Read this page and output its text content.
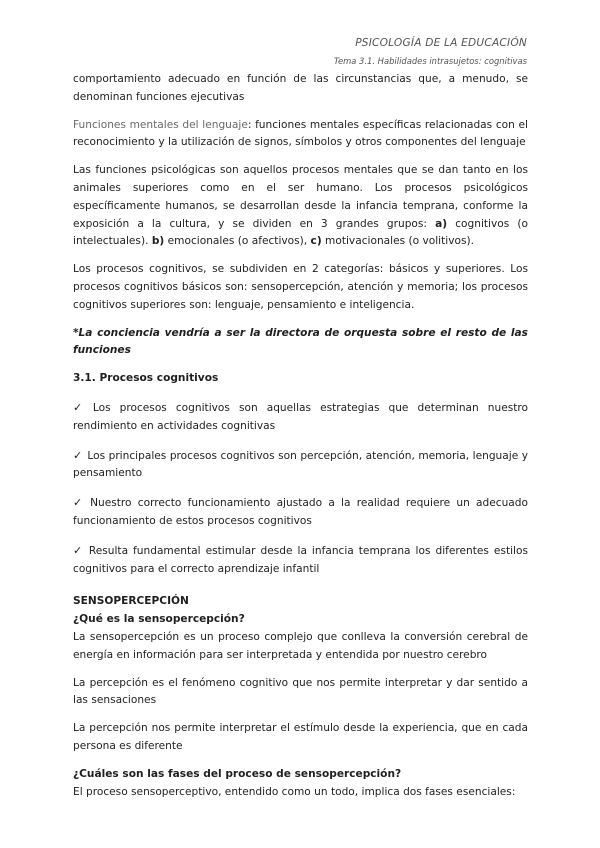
PSICOLOGÍA DE LA EDUCACIÓN
Tema 3.1. Habilidades intrasujetos: cognitivas

comportamiento adecuado en función de las circunstancias que, a menudo, se denominan funciones ejecutivas

Funciones mentales del lenguaje: funciones mentales específicas relacionadas con el reconocimiento y la utilización de signos, símbolos y otros componentes del lenguaje

Las funciones psicológicas son aquellos procesos mentales que se dan tanto en los animales superiores como en el ser humano. Los procesos psicológicos específicamente humanos, se desarrollan desde la infancia temprana, conforme la exposición a la cultura, y se dividen en 3 grandes grupos: a) cognitivos (o intelectuales). b) emocionales (o afectivos), c) motivacionales (o volitivos).

Los procesos cognitivos, se subdividen en 2 categorías: básicos y superiores. Los procesos cognitivos básicos son: sensopercepción, atención y memoria; los procesos cognitivos superiores son: lenguaje, pensamiento e inteligencia.

*La conciencia vendría a ser la directora de orquesta sobre el resto de las funciones

3.1. Procesos cognitivos

✓ Los procesos cognitivos son aquellas estrategias que determinan nuestro rendimiento en actividades cognitivas

✓ Los principales procesos cognitivos son percepción, atención, memoria, lenguaje y pensamiento

✓ Nuestro correcto funcionamiento ajustado a la realidad requiere un adecuado funcionamiento de estos procesos cognitivos

✓ Resulta fundamental estimular desde la infancia temprana los diferentes estilos cognitivos para el correcto aprendizaje infantil

SENSOPERCEPCIÓN
¿Qué es la sensopercepción?

La sensopercepción es un proceso complejo que conlleva la conversión cerebral de energía en información para ser interpretada y entendida por nuestro cerebro

La percepción es el fenómeno cognitivo que nos permite interpretar y dar sentido a las sensaciones

La percepción nos permite interpretar el estímulo desde la experiencia, que en cada persona es diferente

¿Cuáles son las fases del proceso de sensopercepción?

El proceso sensoperceptivo, entendido como un todo, implica dos fases esenciales:
